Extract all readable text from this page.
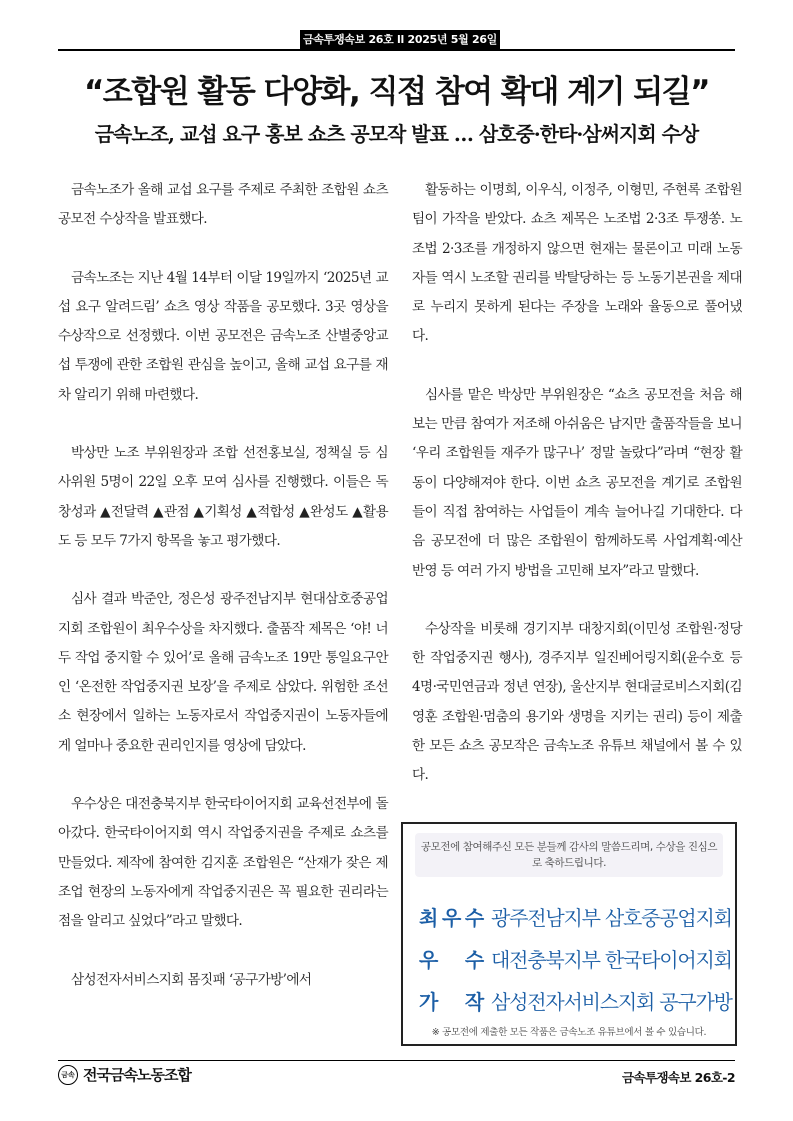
금속투쟁속보 26호 ll 2025년 5월 26일
“조합원 활동 다양화, 직접 참여 확대 계기 되길”
금속노조, 교섭 요구 홍보 쇼츠 공모작 발표 … 삼호중·한타·삼써지회 수상

금속노조가 올해 교섭 요구를 주제로 주최한 조합원 쇼츠 공모전 수상작을 발표했다.

금속노조는 지난 4월 14부터 이달 19일까지 ‘2025년 교섭 요구 알려드림’ 쇼츠 영상 작품을 공모했다. 3곳 영상을 수상작으로 선정했다. 이번 공모전은 금속노조 산별중앙교섭 투쟁에 관한 조합원 관심을 높이고, 올해 교섭 요구를 재차 알리기 위해 마련했다.

박상만 노조 부위원장과 조합 선전홍보실, 정책실 등 심사위원 5명이 22일 오후 모여 심사를 진행했다. 이들은 독창성과 ▲전달력 ▲관점 ▲기획성 ▲적합성 ▲완성도 ▲활용도 등 모두 7가지 항목을 놓고 평가했다.

심사 결과 박준안, 정은성 광주전남지부 현대삼호중공업지회 조합원이 최우수상을 차지했다. 출품작 제목은 ‘야! 너두 작업 중지할 수 있어’로 올해 금속노조 19만 통일요구안인 ‘온전한 작업중지권 보장’을 주제로 삼았다. 위험한 조선소 현장에서 일하는 노동자로서 작업중지권이 노동자들에게 얼마나 중요한 권리인지를 영상에 담았다.

우수상은 대전충북지부 한국타이어지회 교육선전부에 돌아갔다. 한국타이어지회 역시 작업중지권을 주제로 쇼츠를 만들었다. 제작에 참여한 김지훈 조합원은 “산재가 잦은 제조업 현장의 노동자에게 작업중지권은 꼭 필요한 권리라는 점을 알리고 싶었다”라고 말했다.

삼성전자서비스지회 몸짓패 ‘공구가방’에서

활동하는 이명희, 이우식, 이정주, 이형민, 주현록 조합원 팀이 가작을 받았다. 쇼츠 제목은 노조법 2·3조 투쟁쏭. 노조법 2·3조를 개정하지 않으면 현재는 물론이고 미래 노동자들 역시 노조할 권리를 박탈당하는 등 노동기본권을 제대로 누리지 못하게 된다는 주장을 노래와 율동으로 풀어냈다.

심사를 맡은 박상만 부위원장은 “쇼츠 공모전을 처음 해보는 만큼 참여가 저조해 아쉬움은 남지만 출품작들을 보니 ‘우리 조합원들 재주가 많구나’ 정말 놀랐다”라며 “현장 활동이 다양해져야 한다. 이번 쇼츠 공모전을 계기로 조합원들이 직접 참여하는 사업들이 계속 늘어나길 기대한다. 다음 공모전에 더 많은 조합원이 함께하도록 사업계획·예산 반영 등 여러 가지 방법을 고민해 보자”라고 말했다.

수상작을 비롯해 경기지부 대창지회(이민성 조합원·정당한 작업중지권 행사), 경주지부 일진베어링지회(윤수호 등 4명·국민연금과 정년 연장), 울산지부 현대글로비스지회(김영훈 조합원·멈춤의 용기와 생명을 지키는 권리) 등이 제출한 모든 쇼츠 공모작은 금속노조 유튜브 채널에서 볼 수 있다.

공모전에 참여해주신 모든 분들께 감사의 말씀드리며, 수상을 진심으로 축하드립니다.
최 우 수 광주전남지부 삼호중공업지회
우 수 대전충북지부 한국타이어지회
가 작 삼성전자서비스지회 공구가방
※ 공모전에 제출한 모든 작품은 금속노조 유튜브에서 볼 수 있습니다.
금속 전국금속노동조합	금속투쟁속보 26호-2
